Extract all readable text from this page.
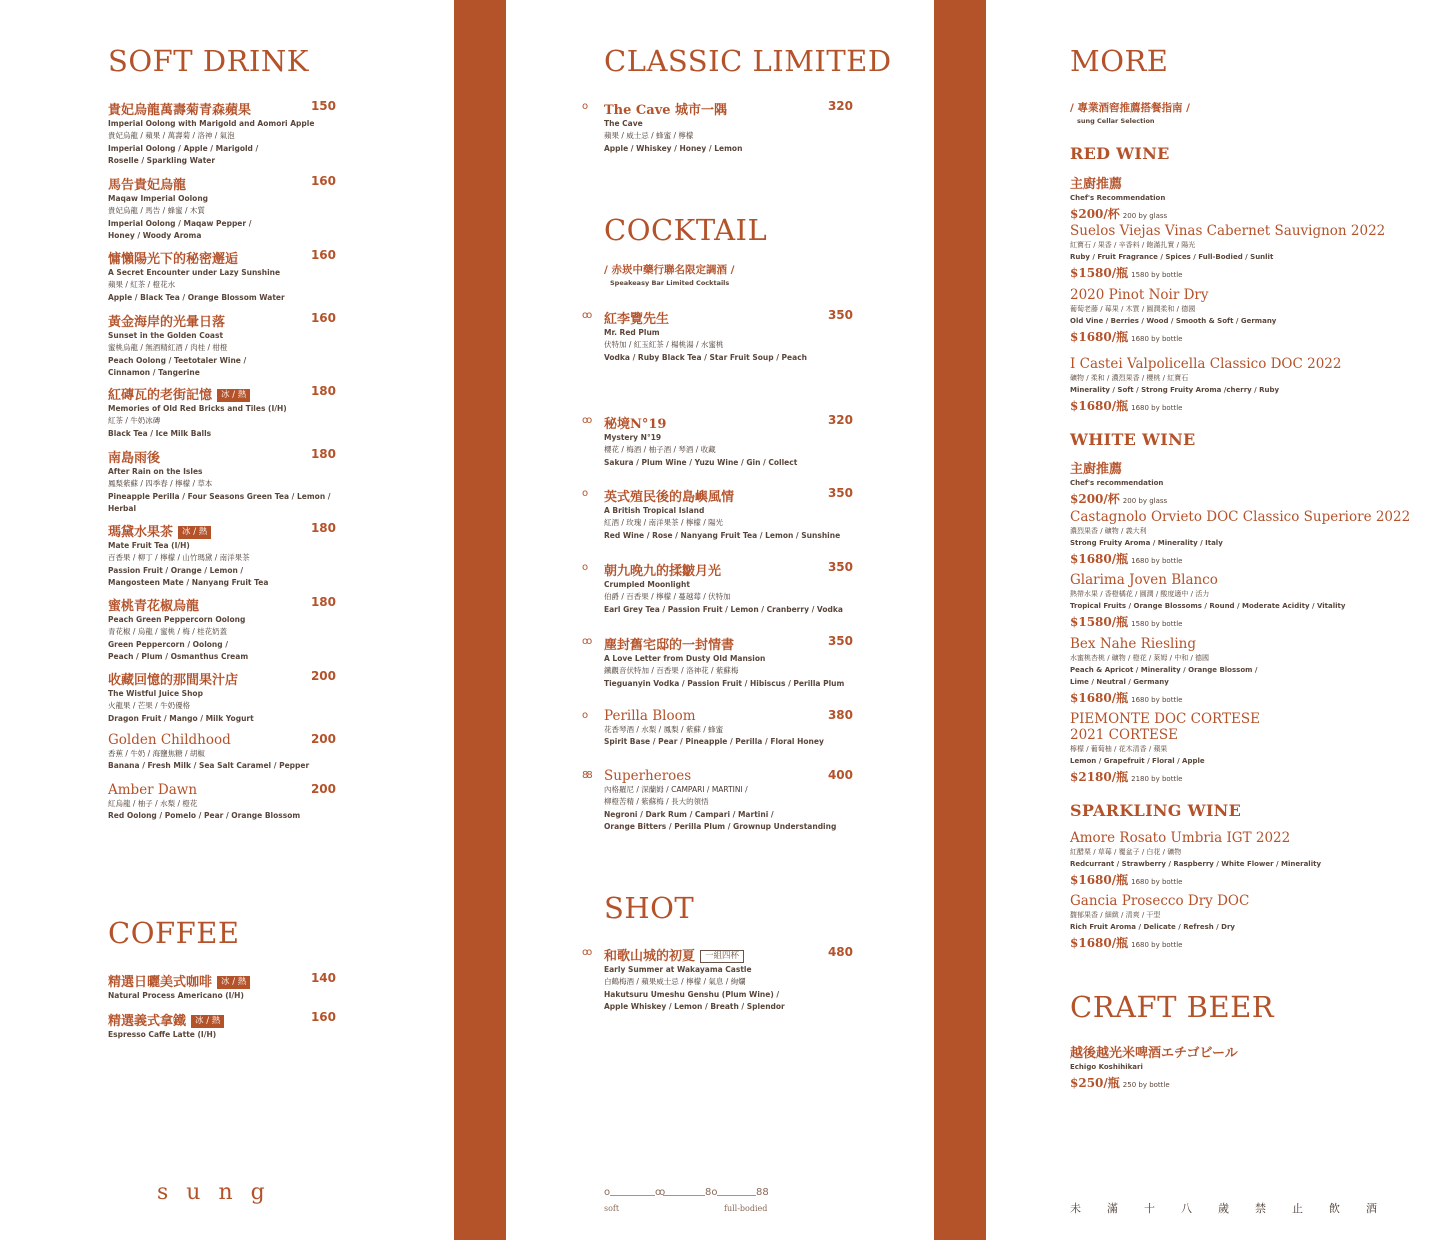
SOFT DRINK
貴妃烏龍萬壽菊青森蘋果	150
Imperial Oolong with Marigold and Aomori Apple
貴妃烏龍 / 蘋果 / 萬壽菊 / 洛神 / 氣泡
Imperial Oolong / Apple / Marigold /
Roselle / Sparkling Water
馬告貴妃烏龍	160
Maqaw Imperial Oolong
貴妃烏龍 / 馬告 / 蜂蜜 / 木質
Imperial Oolong / Maqaw Pepper /
Honey / Woody Aroma
慵懶陽光下的秘密邂逅	160
A Secret Encounter under Lazy Sunshine
蘋果 / 紅茶 / 橙花水
Apple / Black Tea / Orange Blossom Water
黃金海岸的光暈日落	160
Sunset in the Golden Coast
蜜桃烏龍 / 無酒精紅酒 / 肉桂 / 柑橙
Peach Oolong / Teetotaler Wine /
Cinnamon / Tangerine
紅磚瓦的老街記憶 冰 / 熱	180
Memories of Old Red Bricks and Tiles (I/H)
紅茶 / 牛奶冰磚
Black Tea / Ice Milk Balls
南島雨後	180
After Rain on the Isles
鳳梨紫蘇 / 四季春 / 檸檬 / 草本
Pineapple Perilla / Four Seasons Green Tea / Lemon /
Herbal
瑪黛水果茶 冰 / 熱	180
Mate Fruit Tea (I/H)
百香果 / 柳丁 / 檸檬 / 山竹瑪黛 / 南洋果茶
Passion Fruit / Orange / Lemon /
Mangosteen Mate / Nanyang Fruit Tea
蜜桃青花椒烏龍	180
Peach Green Peppercorn Oolong
青花椒 / 烏龍 / 蜜桃 / 梅 / 桂花奶蓋
Green Peppercorn / Oolong /
Peach / Plum / Osmanthus Cream
收藏回憶的那間果汁店	200
The Wistful Juice Shop
火龍果 / 芒果 / 牛奶優格
Dragon Fruit / Mango / Milk Yogurt
Golden Childhood	200
香蕉 / 牛奶 / 海鹽焦糖 / 胡椒
Banana / Fresh Milk / Sea Salt Caramel / Pepper
Amber Dawn	200
紅烏龍 / 柚子 / 水梨 / 橙花
Red Oolong / Pomelo / Pear / Orange Blossom
COFFEE
精選日曬美式咖啡 冰 / 熱	140
Natural Process Americano (I/H)
精選義式拿鐵 冰 / 熱	160
Espresso Caffe Latte (I/H)
sung
CLASSIC LIMITED
o The Cave 城市一隅	320
The Cave
蘋果 / 威士忌 / 蜂蜜 / 檸檬
Apple / Whiskey / Honey / Lemon
COCKTAIL
/ 赤崁中藥行聯名限定調酒 /
Speakeasy Bar Limited Cocktails
oo 紅李覽先生	350
Mr. Red Plum
伏特加 / 紅玉紅茶 / 楊桃湯 / 水蜜桃
Vodka / Ruby Black Tea / Star Fruit Soup / Peach
oo 秘境N°19	320
Mystery N°19
櫻花 / 梅酒 / 柚子酒 / 琴酒 / 收藏
Sakura / Plum Wine / Yuzu Wine / Gin / Collect
o 英式殖民後的島嶼風情	350
A British Tropical Island
紅酒 / 玫瑰 / 南洋果茶 / 檸檬 / 陽光
Red Wine / Rose / Nanyang Fruit Tea / Lemon / Sunshine
o 朝九晚九的揉皺月光	350
Crumpled Moonlight
伯爵 / 百香果 / 檸檬 / 蔓越莓 / 伏特加
Earl Grey Tea / Passion Fruit / Lemon / Cranberry / Vodka
oo 塵封舊宅邸的一封情書	350
A Love Letter from Dusty Old Mansion
鐵觀音伏特加 / 百香果 / 洛神花 / 紫蘇梅
Tieguanyin Vodka / Passion Fruit / Hibiscus / Perilla Plum
o Perilla Bloom	380
花香琴酒 / 水梨 / 鳳梨 / 紫蘇 / 蜂蜜
Spirit Base / Pear / Pineapple / Perilla / Floral Honey
88 Superheroes	400
內格羅尼 / 深蘭姆 / CAMPARI / MARTINI /
柳橙苦精 / 紫蘇梅 / 長大的領悟
Negroni / Dark Rum / Campari / Martini /
Orange Bitters / Perilla Plum / Grownup Understanding
SHOT
oo 和歌山城的初夏 一組四杯	480
Early Summer at Wakayama Castle
白鶴梅酒 / 蘋果威士忌 / 檸檬 / 氣息 / 絢爛
Hakutsuru Umeshu Genshu (Plum Wine) /
Apple Whiskey / Lemon / Breath / Splendor
o	oo	8o	88
soft	full-bodied
MORE
/ 專業酒窖推薦搭餐指南 /
sung Cellar Selection
RED WINE
主廚推薦
Chef's Recommendation
$200/杯 200 by glass
Suelos Viejas Vinas Cabernet Sauvignon 2022
紅寶石 / 果香 / 辛香料 / 飽滿扎實 / 陽光
Ruby / Fruit Fragrance / Spices / Full-Bodied / Sunlit
$1580/瓶 1580 by bottle
2020 Pinot Noir Dry
葡萄老藤 / 莓果 / 木質 / 圓潤柔和 / 德國
Old Vine / Berries / Wood / Smooth & Soft / Germany
$1680/瓶 1680 by bottle
I Castei Valpolicella Classico DOC 2022
礦物 / 柔和 / 濃烈果香 / 櫻桃 / 紅寶石
Minerality / Soft / Strong Fruity Aroma /cherry / Ruby
$1680/瓶 1680 by bottle
WHITE WINE
主廚推薦
Chef's recommendation
$200/杯 200 by glass
Castagnolo Orvieto DOC Classico Superiore 2022
濃烈果香 / 礦物 / 義大利
Strong Fruity Aroma / Minerality / Italy
$1680/瓶 1680 by bottle
Glarima Joven Blanco
熱帶水果 / 香橙橘花 / 圓潤 / 酸度適中 / 活力
Tropical Fruits / Orange Blossoms / Round / Moderate Acidity / Vitality
$1580/瓶 1580 by bottle
Bex Nahe Riesling
水蜜桃杏桃 / 礦物 / 橙花 / 萊姆 / 中和 / 德國
Peach & Apricot / Minerality / Orange Blossom /
Lime / Neutral / Germany
$1680/瓶 1680 by bottle
PIEMONTE DOC CORTESE
2021 CORTESE
檸檬 / 葡萄柚 / 花木清香 / 蘋果
Lemon / Grapefruit / Floral / Apple
$2180/瓶 2180 by bottle
SPARKLING WINE
Amore Rosato Umbria IGT 2022
紅醋栗 / 草莓 / 覆盆子 / 白花 / 礦物
Redcurrant / Strawberry / Raspberry / White Flower / Minerality
$1680/瓶 1680 by bottle
Gancia Prosecco Dry DOC
馥郁果香 / 細緻 / 清爽 / 干型
Rich Fruit Aroma / Delicate / Refresh / Dry
$1680/瓶 1680 by bottle
CRAFT BEER
越後越光米啤酒エチゴビール
Echigo Koshihikari
$250/瓶 250 by bottle
未滿十八歲禁止飲酒
